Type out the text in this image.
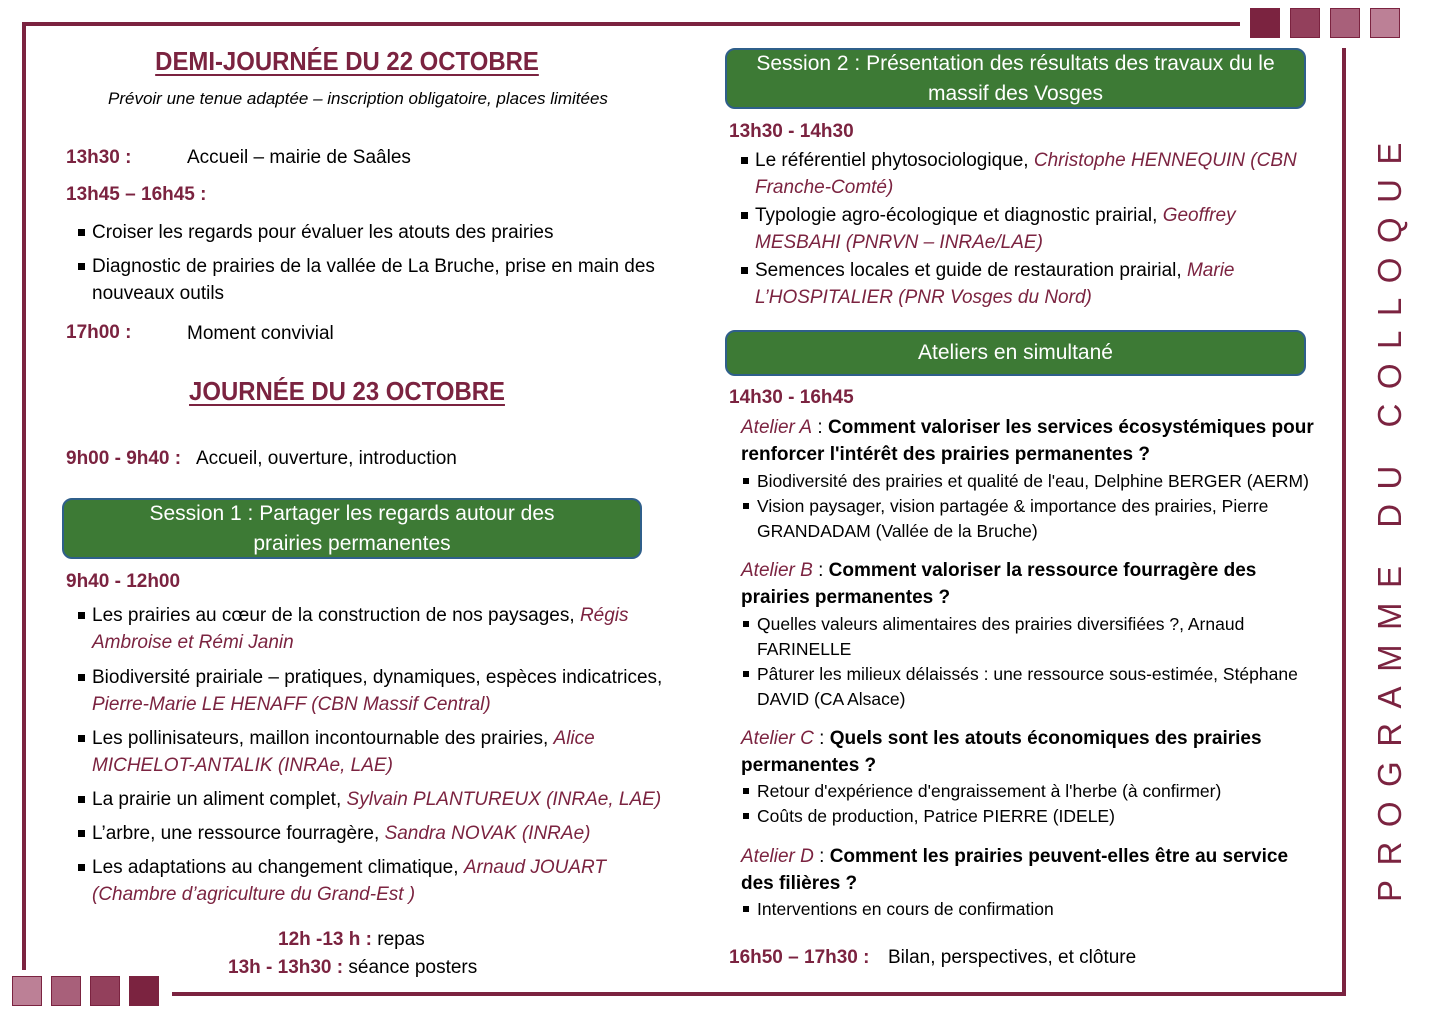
PROGRAMME DU COLLOQUE
DEMI-JOURNÉE DU 22 OCTOBRE
Prévoir une tenue adaptée – inscription obligatoire, places limitées
13h30 :	Accueil – mairie de Saâles
13h45 – 16h45 :
Croiser les regards pour évaluer les atouts des prairies
Diagnostic de prairies de la vallée de La Bruche, prise en main des nouveaux outils
17h00 :	Moment convivial
JOURNÉE DU 23 OCTOBRE
9h00 - 9h40 : Accueil, ouverture, introduction
Session 1 : Partager les regards autour des prairies permanentes
9h40 - 12h00
Les prairies au cœur de la construction de nos paysages, Régis Ambroise et Rémi Janin
Biodiversité prairiale – pratiques, dynamiques, espèces indicatrices, Pierre-Marie LE HENAFF (CBN Massif Central)
Les pollinisateurs, maillon incontournable des prairies, Alice MICHELOT-ANTALIK (INRAe, LAE)
La prairie un aliment complet, Sylvain PLANTUREUX (INRAe, LAE)
L’arbre, une ressource fourragère, Sandra NOVAK (INRAe)
Les adaptations au changement climatique, Arnaud JOUART (Chambre d’agriculture du Grand-Est )
12h -13 h : repas
13h - 13h30 : séance posters
Session 2 : Présentation des résultats des travaux du le massif des Vosges
13h30 - 14h30
Le référentiel phytosociologique, Christophe HENNEQUIN (CBN Franche-Comté)
Typologie agro-écologique et diagnostic prairial, Geoffrey MESBAHI (PNRVN – INRAe/LAE)
Semences locales et guide de restauration prairial, Marie L’HOSPITALIER (PNR Vosges du Nord)
Ateliers en simultané
14h30 - 16h45
Atelier A : Comment valoriser les services écosystémiques pour renforcer l'intérêt des prairies permanentes ?
Biodiversité des prairies et qualité de l'eau, Delphine BERGER (AERM)
Vision paysager, vision partagée & importance des prairies, Pierre GRANDADAM (Vallée de la Bruche)
Atelier B : Comment valoriser la ressource fourragère des prairies permanentes ?
Quelles valeurs alimentaires des prairies diversifiées ?, Arnaud FARINELLE
Pâturer les milieux délaissés : une ressource sous-estimée, Stéphane DAVID (CA Alsace)
Atelier C : Quels sont les atouts économiques des prairies permanentes ?
Retour d'expérience d'engraissement à l'herbe (à confirmer)
Coûts de production, Patrice PIERRE (IDELE)
Atelier D : Comment les prairies peuvent-elles être au service des filières ?
Interventions en cours de confirmation
16h50 – 17h30 : Bilan, perspectives, et clôture
